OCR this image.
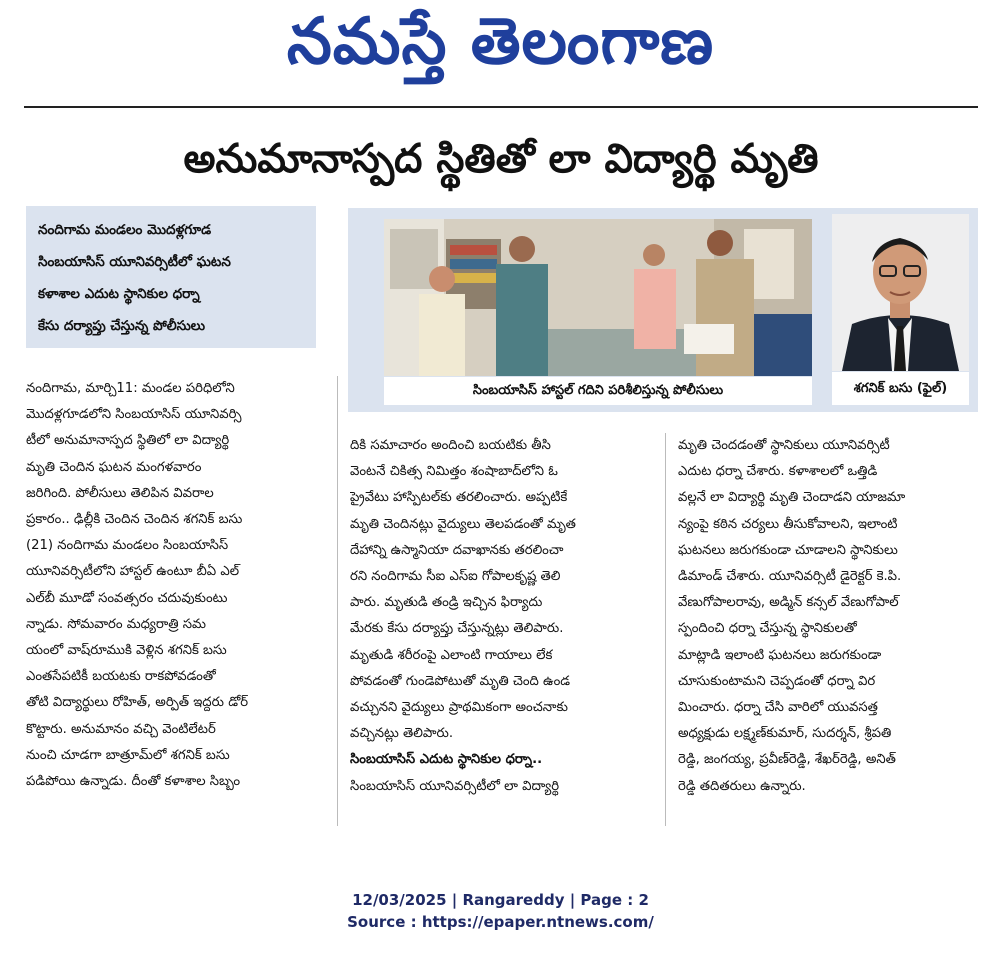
నమస్తే తెలంగాణ
అనుమానాస్పద స్థితితో లా విద్యార్థి మృతి
నందిగామ మండలం మొదళ్లగూడ
సింబయాసిస్ యూనివర్సిటీలో ఘటన
కళాశాల ఎదుట స్థానికుల ధర్నా
కేసు దర్యాప్తు చేస్తున్న పోలీసులు
సింబయాసిస్ హాస్టల్ గదిని పరిశీలిస్తున్న పోలీసులు	శగనిక్ బసు (ఫైల్)
నందిగామ, మార్చి11: మండల పరిధిలోని
మొదళ్లగూడలోని సింబయాసిస్ యూనివర్సి
టీలో అనుమానాస్పద స్థితిలో లా విద్యార్థి
మృతి చెందిన ఘటన మంగళవారం
జరిగింది. పోలీసులు తెలిపిన వివరాల
ప్రకారం.. ఢిల్లీకి చెందిన చెందిన శగనిక్ బసు
(21) నందిగామ మండలం సింబయాసిస్
యూనివర్సిటీలోని హాస్టల్ ఉంటూ బీఏ ఎల్
ఎల్‌బీ మూడో సంవత్సరం చదువుకుంటు
న్నాడు. సోమవారం మధ్యరాత్రి సమ
యంలో వాష్‌రూముకి వెళ్లిన శగనిక్ బసు
ఎంతసేపటికీ బయటకు రాకపోవడంతో
తోటి విద్యార్థులు రోహిత్, అర్పిత్ ఇద్దరు డోర్
కొట్టారు. అనుమానం వచ్చి వెంటిలేటర్
నుంచి చూడగా బాత్రూమ్‌లో శగనిక్ బసు
పడిపోయి ఉన్నాడు. దీంతో కళాశాల సిబ్బం
దికి సమాచారం అందించి బయటికు తీసి
వెంటనే చికిత్స నిమిత్తం శంషాబాద్‌లోని ఓ
ప్రైవేటు హాస్పిటల్‌కు తరలించారు. అప్పటికే
మృతి చెందినట్లు వైద్యులు తెలపడంతో మృత
దేహాన్ని ఉస్మానియా దవాఖానకు తరలించా
రని నందిగామ సీఐ ఎస్ఐ గోపాలకృష్ణ తెలి
పారు. మృతుడి తండ్రి ఇచ్చిన ఫిర్యాదు
మేరకు కేసు దర్యాప్తు చేస్తున్నట్లు తెలిపారు.
మృతుడి శరీరంపై ఎలాంటి గాయాలు లేక
పోవడంతో గుండెపోటుతో మృతి చెంది ఉండ
వచ్చునని వైద్యులు ప్రాథమికంగా అంచనాకు
వచ్చినట్లు తెలిపారు.
సింబయాసిస్ ఎదుట స్థానికుల ధర్నా..
సింబయాసిస్ యూనివర్సిటీలో లా విద్యార్థి
మృతి చెందడంతో స్థానికులు యూనివర్సిటీ
ఎదుట ధర్నా చేశారు. కళాశాలలో ఒత్తిడి
వల్లనే లా విద్యార్థి మృతి చెందాడని యాజమా
న్యంపై కఠిన చర్యలు తీసుకోవాలని, ఇలాంటి
ఘటనలు జరుగకుండా చూడాలని స్థానికులు
డిమాండ్ చేశారు. యూనివర్సిటీ డైరెక్టర్ కె.పి.
వేణుగోపాలరావు, అడ్మిన్ కన్సల్ వేణుగోపాల్
స్పందించి ధర్నా చేస్తున్న స్థానికులతో
మాట్లాడి ఇలాంటి ఘటనలు జరుగకుండా
చూసుకుంటామని చెప్పడంతో ధర్నా విర
మించారు. ధర్నా చేసి వారిలో యువసత్త
అధ్యక్షుడు లక్ష్మణ్‌కుమార్, సుదర్శన్, శ్రీపతి
రెడ్డి, జంగయ్య, ప్రవీణ్‌రెడ్డి, శేఖర్‌రెడ్డి, అనిత్
రెడ్డి తదితరులు ఉన్నారు.
12/03/2025 | Rangareddy | Page : 2
Source : https://epaper.ntnews.com/
